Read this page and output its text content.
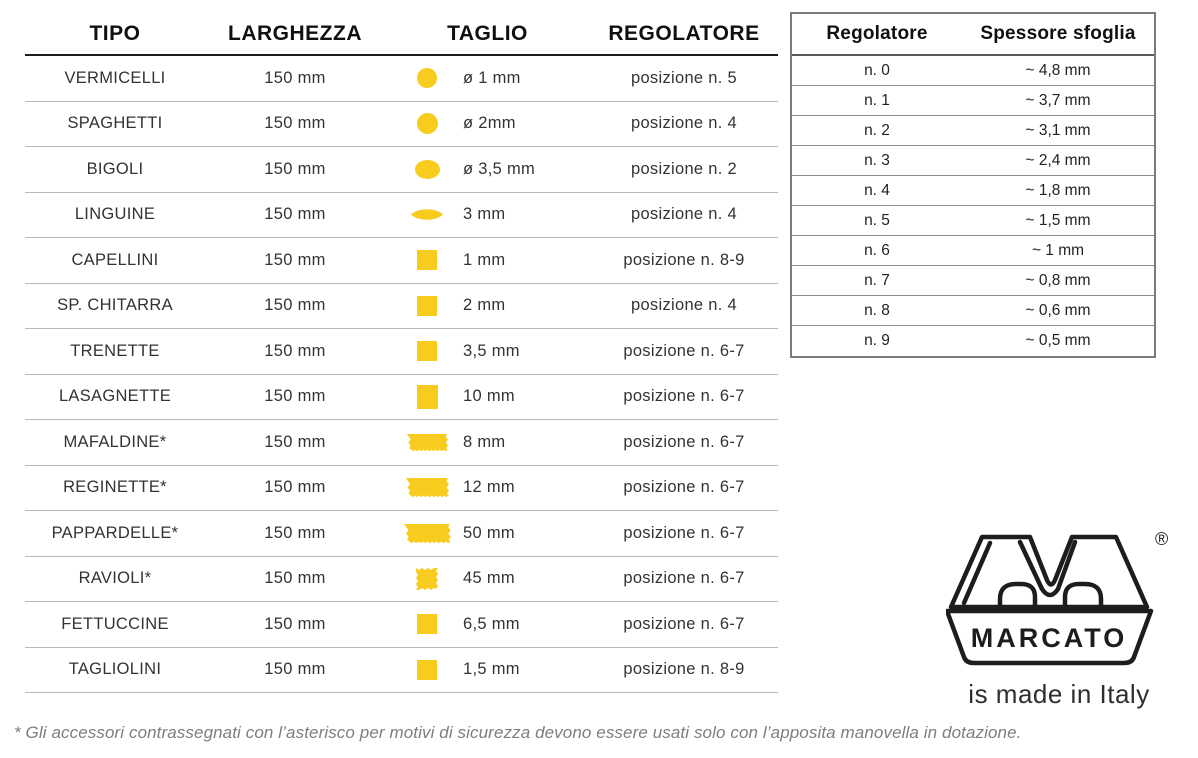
TIPO	LARGHEZZA	TAGLIO	REGOLATORE
VERMICELLI	150 mm	ø 1 mm	posizione n. 5
SPAGHETTI	150 mm	ø 2mm	posizione n. 4
BIGOLI	150 mm	ø 3,5 mm	posizione n. 2
LINGUINE	150 mm	3 mm	posizione n. 4
CAPELLINI	150 mm	1 mm	posizione n. 8-9
SP. CHITARRA	150 mm	2 mm	posizione n. 4
TRENETTE	150 mm	3,5 mm	posizione n. 6-7
LASAGNETTE	150 mm	10 mm	posizione n. 6-7
MAFALDINE*	150 mm	8 mm	posizione n. 6-7
REGINETTE*	150 mm	12 mm	posizione n. 6-7
PAPPARDELLE*	150 mm	50 mm	posizione n. 6-7
RAVIOLI*	150 mm	45 mm	posizione n. 6-7
FETTUCCINE	150 mm	6,5 mm	posizione n. 6-7
TAGLIOLINI	150 mm	1,5 mm	posizione n. 8-9
Regolatore	Spessore sfoglia
n. 0	~ 4,8 mm
n. 1	~ 3,7 mm
n. 2	~ 3,1 mm
n. 3	~ 2,4 mm
n. 4	~ 1,8 mm
n. 5	~ 1,5 mm
n. 6	~ 1 mm
n. 7	~ 0,8 mm
n. 8	~ 0,6 mm
n. 9	~ 0,5 mm
MARCATO
®
is made in Italy
* Gli accessori contrassegnati con l’asterisco per motivi di sicurezza devono essere usati solo con l’apposita manovella in dotazione.
